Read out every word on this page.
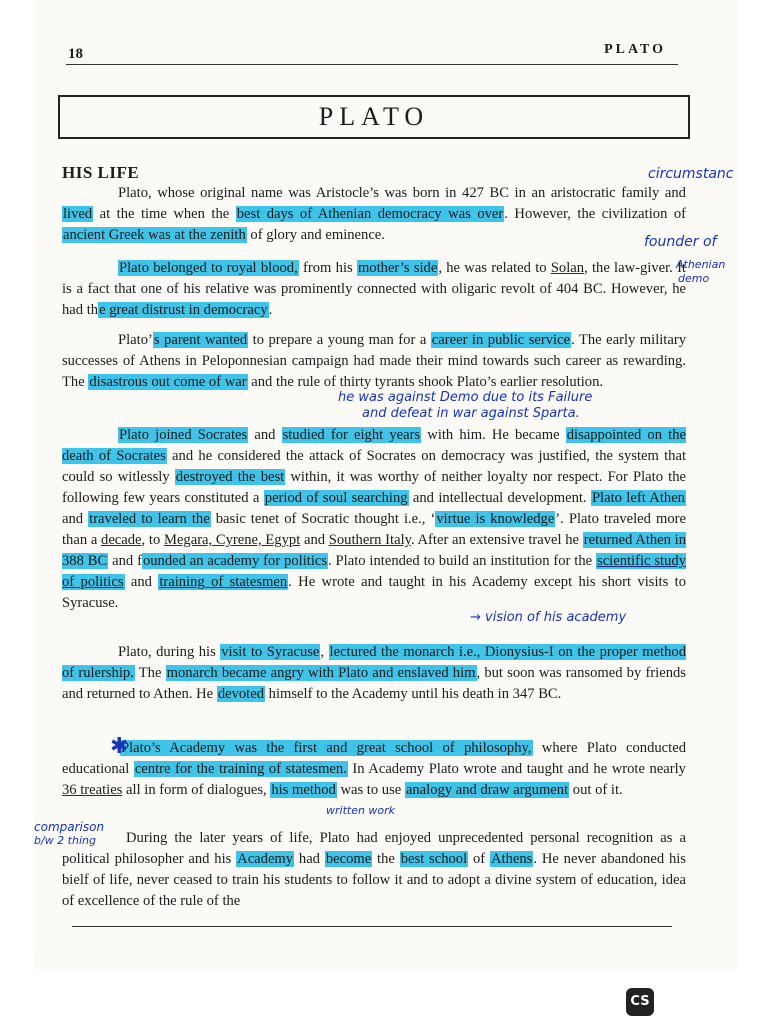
18	PLATO
PLATO
HIS LIFE

Plato, whose original name was Aristocle’s was born in 427 BC in an aristocratic family and lived at the time when the best days of Athenian democracy was over. However, the civilization of ancient Greek was at the zenith of glory and eminence.

Plato belonged to royal blood, from his mother’s side, he was related to Solan, the law-giver. It is a fact that one of his relative was prominently connected with oligaric revolt of 404 BC. However, he had the great distrust in democracy.

Plato’s parent wanted to prepare a young man for a career in public service. The early military successes of Athens in Peloponnesian campaign had made their mind towards such career as rewarding. The disastrous out come of war and the rule of thirty tyrants shook Plato’s earlier resolution.

Plato joined Socrates and studied for eight years with him. He became disappointed on the death of Socrates and he considered the attack of Socrates on democracy was justified, the system that could so witlessly destroyed the best within, it was worthy of neither loyalty nor respect. For Plato the following few years constituted a period of soul searching and intellectual development. Plato left Athen and traveled to learn the basic tenet of Socratic thought i.e., ‘virtue is knowledge’. Plato traveled more than a decade, to Megara, Cyrene, Egypt and Southern Italy. After an extensive travel he returned Athen in 388 BC and founded an academy for politics. Plato intended to build an institution for the scientific study of politics and training of statesmen. He wrote and taught in his Academy except his short visits to Syracuse.

Plato, during his visit to Syracuse, lectured the monarch i.e., Dionysius-I on the proper method of rulership. The monarch became angry with Plato and enslaved him, but soon was ransomed by friends and returned to Athen. He devoted himself to the Academy until his death in 347 BC.

Plato’s Academy was the first and great school of philosophy, where Plato conducted educational centre for the training of statesmen. In Academy Plato wrote and taught and he wrote nearly 36 treaties all in form of dialogues, his method was to use analogy and draw argument out of it.

During the later years of life, Plato had enjoyed unprecedented personal recognition as a political philosopher and his Academy had become the best school of Athens. He never abandoned his bielf of life, never ceased to train his students to follow it and to adopt a divine system of education, idea of excellence of the rule of the

circumstanc
founder of
Athenian
demo
he was against Demo due to its Failure
and defeat in war against Sparta.
→ vision of his academy
✱
written work
comparison
b/w 2 thing
CS
